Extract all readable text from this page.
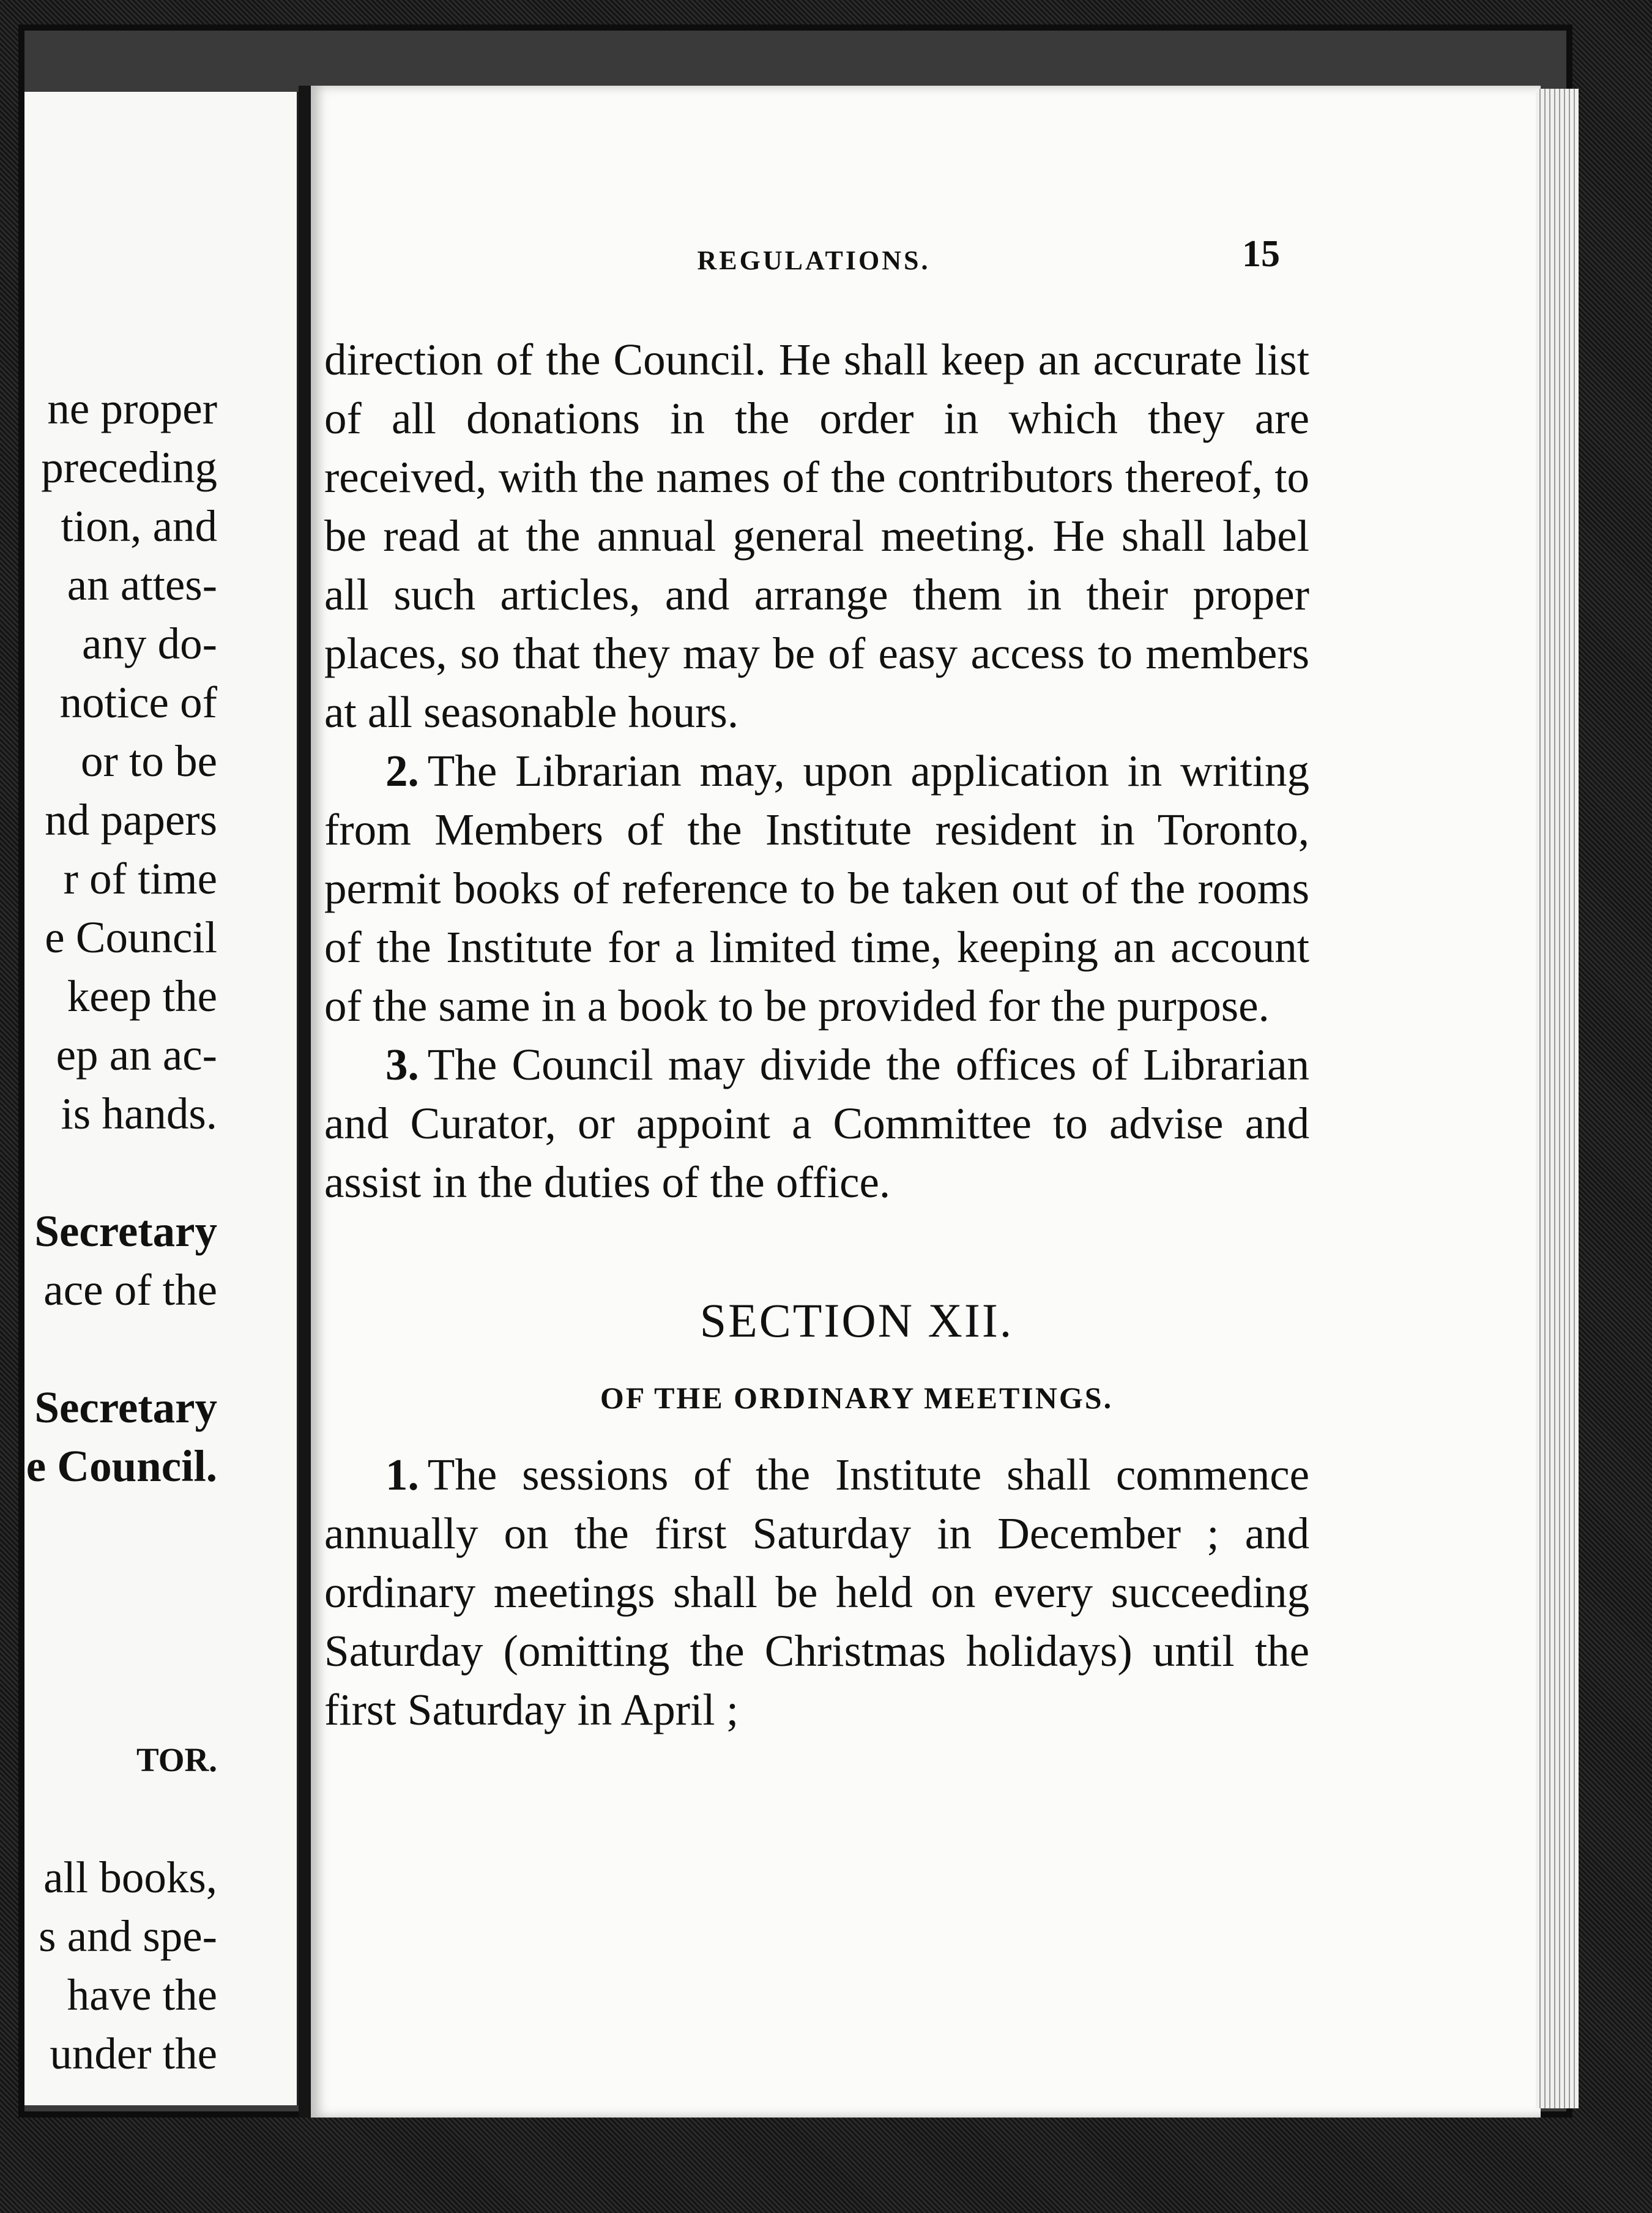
ne proper
preceding
tion, and
an attes-
any do-
notice of
or to be
nd papers
r of time
e Council
keep the
ep an ac-
is hands.
Secretary
ace of the
Secretary
e Council.
TOR.
all books,
s and spe-
have the
under the
REGULATIONS.	15

direction of the Council. He shall keep an accurate list of all donations in the order in which they are received, with the names of the contributors thereof, to be read at the annual general meeting. He shall label all such articles, and arrange them in their proper places, so that they may be of easy access to members at all seasonable hours.

2. The Librarian may, upon application in writing from Members of the Institute resident in Toronto, permit books of reference to be taken out of the rooms of the Institute for a limited time, keeping an account of the same in a book to be provided for the purpose.

3. The Council may divide the offices of Librarian and Curator, or appoint a Committee to advise and assist in the duties of the office.

SECTION XII.
OF THE ORDINARY MEETINGS.

1. The sessions of the Institute shall commence annually on the first Saturday in December ; and ordinary meetings shall be held on every succeeding Saturday (omitting the Christmas holidays) until the first Saturday in April ;
